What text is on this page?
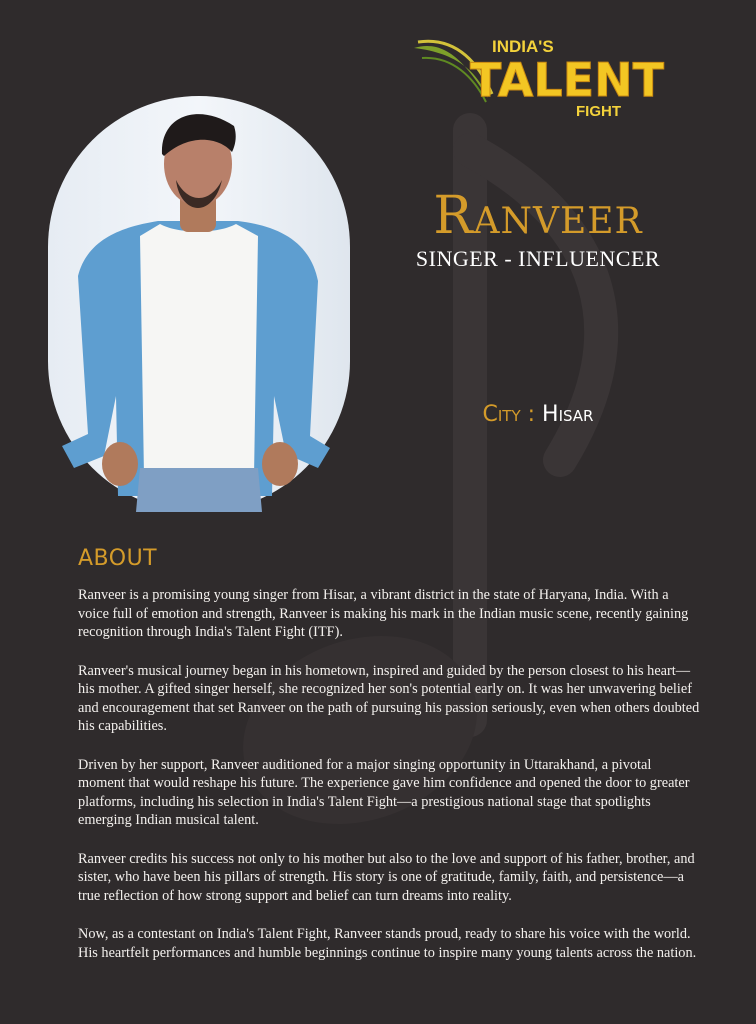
INDIA'S
TALENT
FIGHT
Ranveer
SINGER - INFLUENCER
City : Hisar
ABOUT

Ranveer is a promising young singer from Hisar, a vibrant district in the state of Haryana, India. With a voice full of emotion and strength, Ranveer is making his mark in the Indian music scene, recently gaining recognition through India's Talent Fight (ITF).

Ranveer's musical journey began in his hometown, inspired and guided by the person closest to his heart—his mother. A gifted singer herself, she recognized her son's potential early on. It was her unwavering belief and encouragement that set Ranveer on the path of pursuing his passion seriously, even when others doubted his capabilities.

Driven by her support, Ranveer auditioned for a major singing opportunity in Uttarakhand, a pivotal moment that would reshape his future. The experience gave him confidence and opened the door to greater platforms, including his selection in India's Talent Fight—a prestigious national stage that spotlights emerging Indian musical talent.

Ranveer credits his success not only to his mother but also to the love and support of his father, brother, and sister, who have been his pillars of strength. His story is one of gratitude, family, faith, and persistence—a true reflection of how strong support and belief can turn dreams into reality.

Now, as a contestant on India's Talent Fight, Ranveer stands proud, ready to share his voice with the world. His heartfelt performances and humble beginnings continue to inspire many young talents across the nation.
